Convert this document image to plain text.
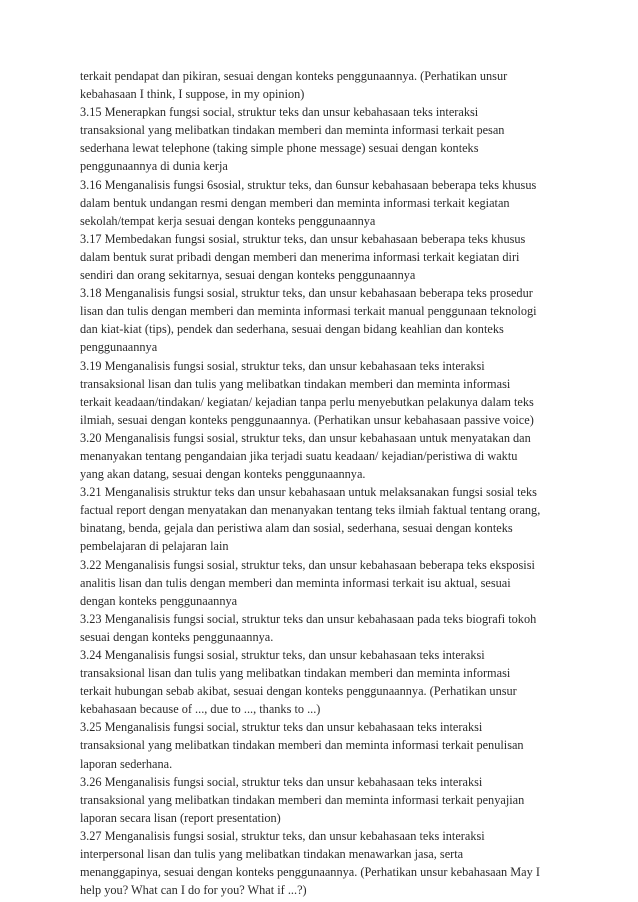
terkait pendapat dan pikiran, sesuai dengan konteks penggunaannya. (Perhatikan unsur
kebahasaan I think, I suppose, in my opinion)
3.15 Menerapkan fungsi social, struktur teks dan unsur kebahasaan teks interaksi
transaksional yang melibatkan tindakan memberi dan meminta informasi terkait pesan
sederhana lewat telephone (taking simple phone message) sesuai dengan konteks
penggunaannya di dunia kerja
3.16 Menganalisis fungsi 6sosial, struktur teks, dan 6unsur kebahasaan beberapa teks khusus
dalam bentuk undangan resmi dengan memberi dan meminta informasi terkait kegiatan
sekolah/tempat kerja sesuai dengan konteks penggunaannya
3.17 Membedakan fungsi sosial, struktur teks, dan unsur kebahasaan beberapa teks khusus
dalam bentuk surat pribadi dengan memberi dan menerima informasi terkait kegiatan diri
sendiri dan orang sekitarnya, sesuai dengan konteks penggunaannya
3.18 Menganalisis fungsi sosial, struktur teks, dan unsur kebahasaan beberapa teks prosedur
lisan dan tulis dengan memberi dan meminta informasi terkait manual penggunaan teknologi
dan kiat-kiat (tips), pendek dan sederhana, sesuai dengan bidang keahlian dan konteks
penggunaannya
3.19 Menganalisis fungsi sosial, struktur teks, dan unsur kebahasaan teks interaksi
transaksional lisan dan tulis yang melibatkan tindakan memberi dan meminta informasi
terkait keadaan/tindakan/ kegiatan/ kejadian tanpa perlu menyebutkan pelakunya dalam teks
ilmiah, sesuai dengan konteks penggunaannya. (Perhatikan unsur kebahasaan passive voice)
3.20 Menganalisis fungsi sosial, struktur teks, dan unsur kebahasaan untuk menyatakan dan
menanyakan tentang pengandaian jika terjadi suatu keadaan/ kejadian/peristiwa di waktu
yang akan datang, sesuai dengan konteks penggunaannya.
3.21 Menganalisis struktur teks dan unsur kebahasaan untuk melaksanakan fungsi sosial teks
factual report dengan menyatakan dan menanyakan tentang teks ilmiah faktual tentang orang,
binatang, benda, gejala dan peristiwa alam dan sosial, sederhana, sesuai dengan konteks
pembelajaran di pelajaran lain
3.22 Menganalisis fungsi sosial, struktur teks, dan unsur kebahasaan beberapa teks eksposisi
analitis lisan dan tulis dengan memberi dan meminta informasi terkait isu aktual, sesuai
dengan konteks penggunaannya
3.23 Menganalisis fungsi social, struktur teks dan unsur kebahasaan pada teks biografi tokoh
sesuai dengan konteks penggunaannya.
3.24 Menganalisis fungsi sosial, struktur teks, dan unsur kebahasaan teks interaksi
transaksional lisan dan tulis yang melibatkan tindakan memberi dan meminta informasi
terkait hubungan sebab akibat, sesuai dengan konteks penggunaannya. (Perhatikan unsur
kebahasaan because of ..., due to ..., thanks to ...)
3.25 Menganalisis fungsi social, struktur teks dan unsur kebahasaan teks interaksi
transaksional yang melibatkan tindakan memberi dan meminta informasi terkait penulisan
laporan sederhana.
3.26 Menganalisis fungsi social, struktur teks dan unsur kebahasaan teks interaksi
transaksional yang melibatkan tindakan memberi dan meminta informasi terkait penyajian
laporan secara lisan (report presentation)
3.27 Menganalisis fungsi sosial, struktur teks, dan unsur kebahasaan teks interaksi
interpersonal lisan dan tulis yang melibatkan tindakan menawarkan jasa, serta
menanggapinya, sesuai dengan konteks penggunaannya. (Perhatikan unsur kebahasaan May I
help you? What can I do for you? What if ...?)
